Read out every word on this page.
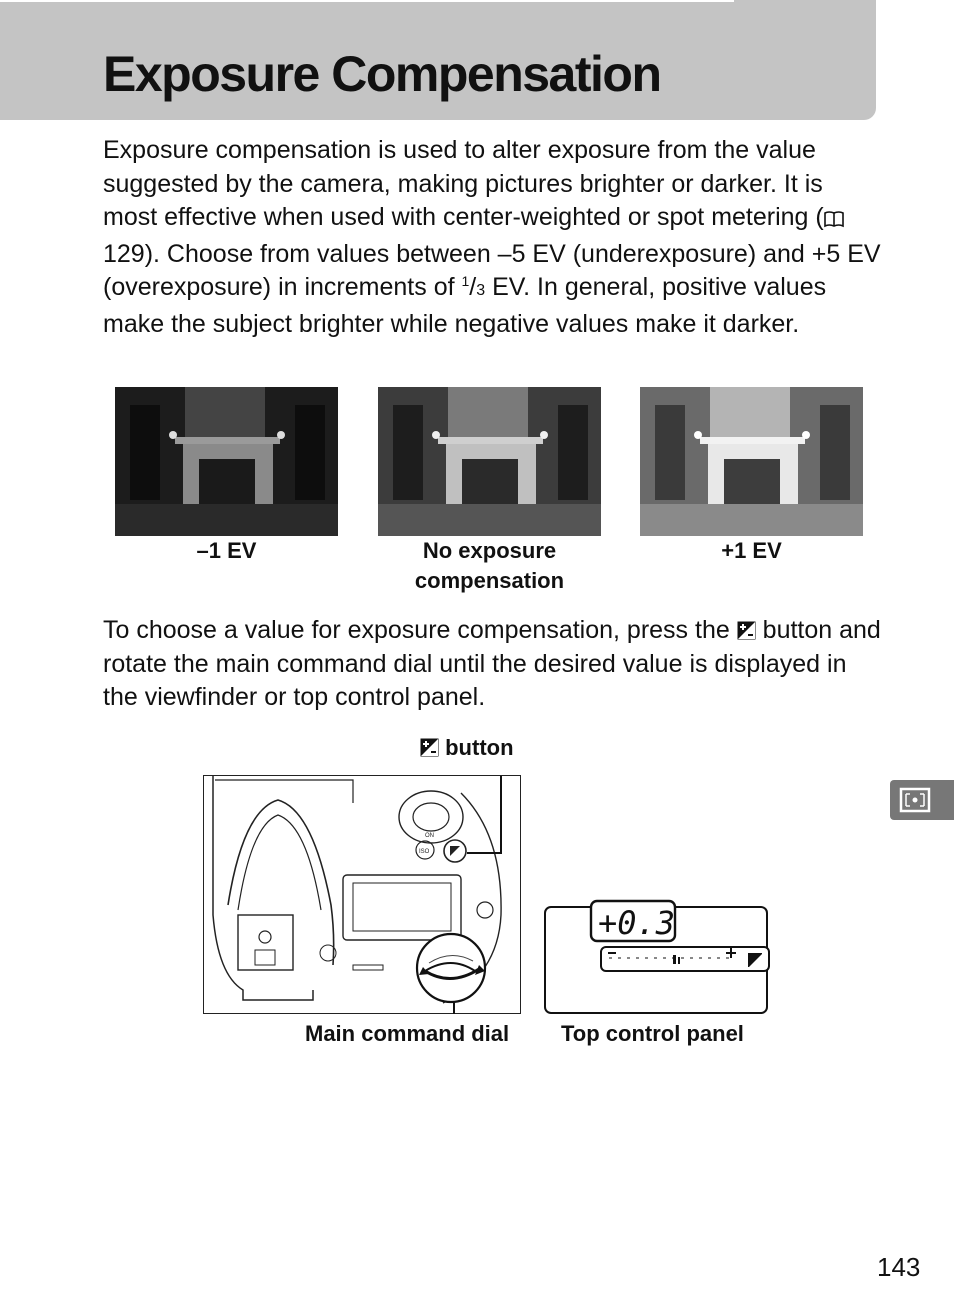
Exposure Compensation

Exposure compensation is used to alter exposure from the value suggested by the camera, making pictures brighter or darker. It is most effective when used with center-weighted or spot metering ( 129). Choose from values between –5 EV (underexposure) and +5 EV (overexposure) in increments of $^1$/3 EV. In general, positive values make the subject brighter while negative values make it darker.

–1 EV	No exposure compensation
+1 EV

To choose a value for exposure compensation, press the  button and rotate the main command dial until the desired value is displayed in the viewfinder or top control panel.

button
ON
ISO
+0.3
Main command dial Top control panel
143
